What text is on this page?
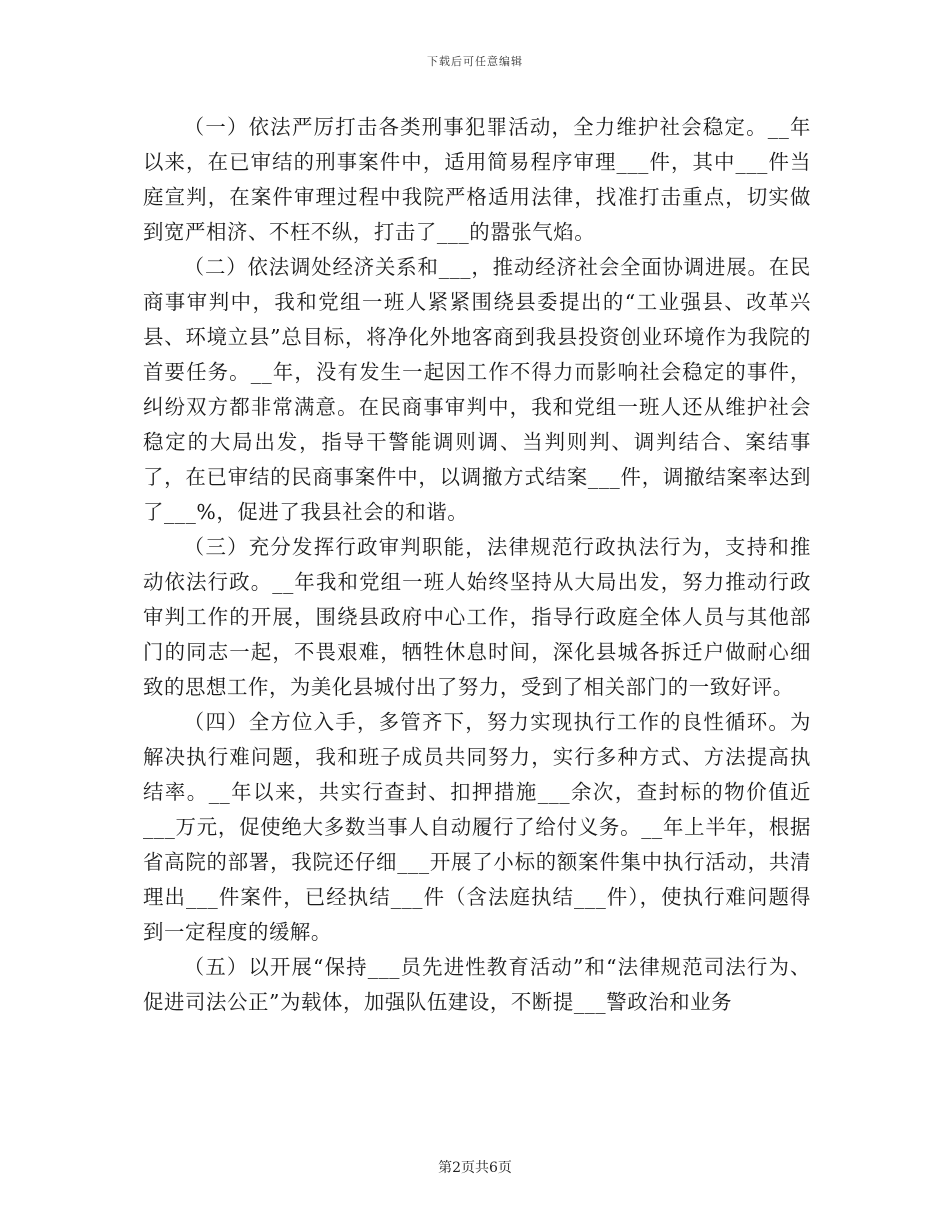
下载后可任意编辑

（一）依法严厉打击各类刑事犯罪活动，全力维护社会稳定。__年以来，在已审结的刑事案件中，适用简易程序审理___件，其中___件当庭宣判，在案件审理过程中我院严格适用法律，找准打击重点，切实做到宽严相济、不枉不纵，打击了___的嚣张气焰。

（二）依法调处经济关系和___，推动经济社会全面协调进展。在民商事审判中，我和党组一班人紧紧围绕县委提出的“工业强县、改革兴县、环境立县”总目标，将净化外地客商到我县投资创业环境作为我院的首要任务。__年，没有发生一起因工作不得力而影响社会稳定的事件，纠纷双方都非常满意。在民商事审判中，我和党组一班人还从维护社会稳定的大局出发，指导干警能调则调、当判则判、调判结合、案结事了，在已审结的民商事案件中，以调撤方式结案___件，调撤结案率达到了___%，促进了我县社会的和谐。

（三）充分发挥行政审判职能，法律规范行政执法行为，支持和推动依法行政。__年我和党组一班人始终坚持从大局出发，努力推动行政审判工作的开展，围绕县政府中心工作，指导行政庭全体人员与其他部门的同志一起，不畏艰难，牺牲休息时间，深化县城各拆迁户做耐心细致的思想工作，为美化县城付出了努力，受到了相关部门的一致好评。

（四）全方位入手，多管齐下，努力实现执行工作的良性循环。为解决执行难问题，我和班子成员共同努力，实行多种方式、方法提高执结率。__年以来，共实行查封、扣押措施___余次，查封标的物价值近___万元，促使绝大多数当事人自动履行了给付义务。__年上半年，根据省高院的部署，我院还仔细___开展了小标的额案件集中执行活动，共清理出___件案件，已经执结___件（含法庭执结___件），使执行难问题得到一定程度的缓解。

（五）以开展“保持___员先进性教育活动”和“法律规范司法行为、促进司法公正”为载体，加强队伍建设，不断提___警政治和业务

第2页共6页
